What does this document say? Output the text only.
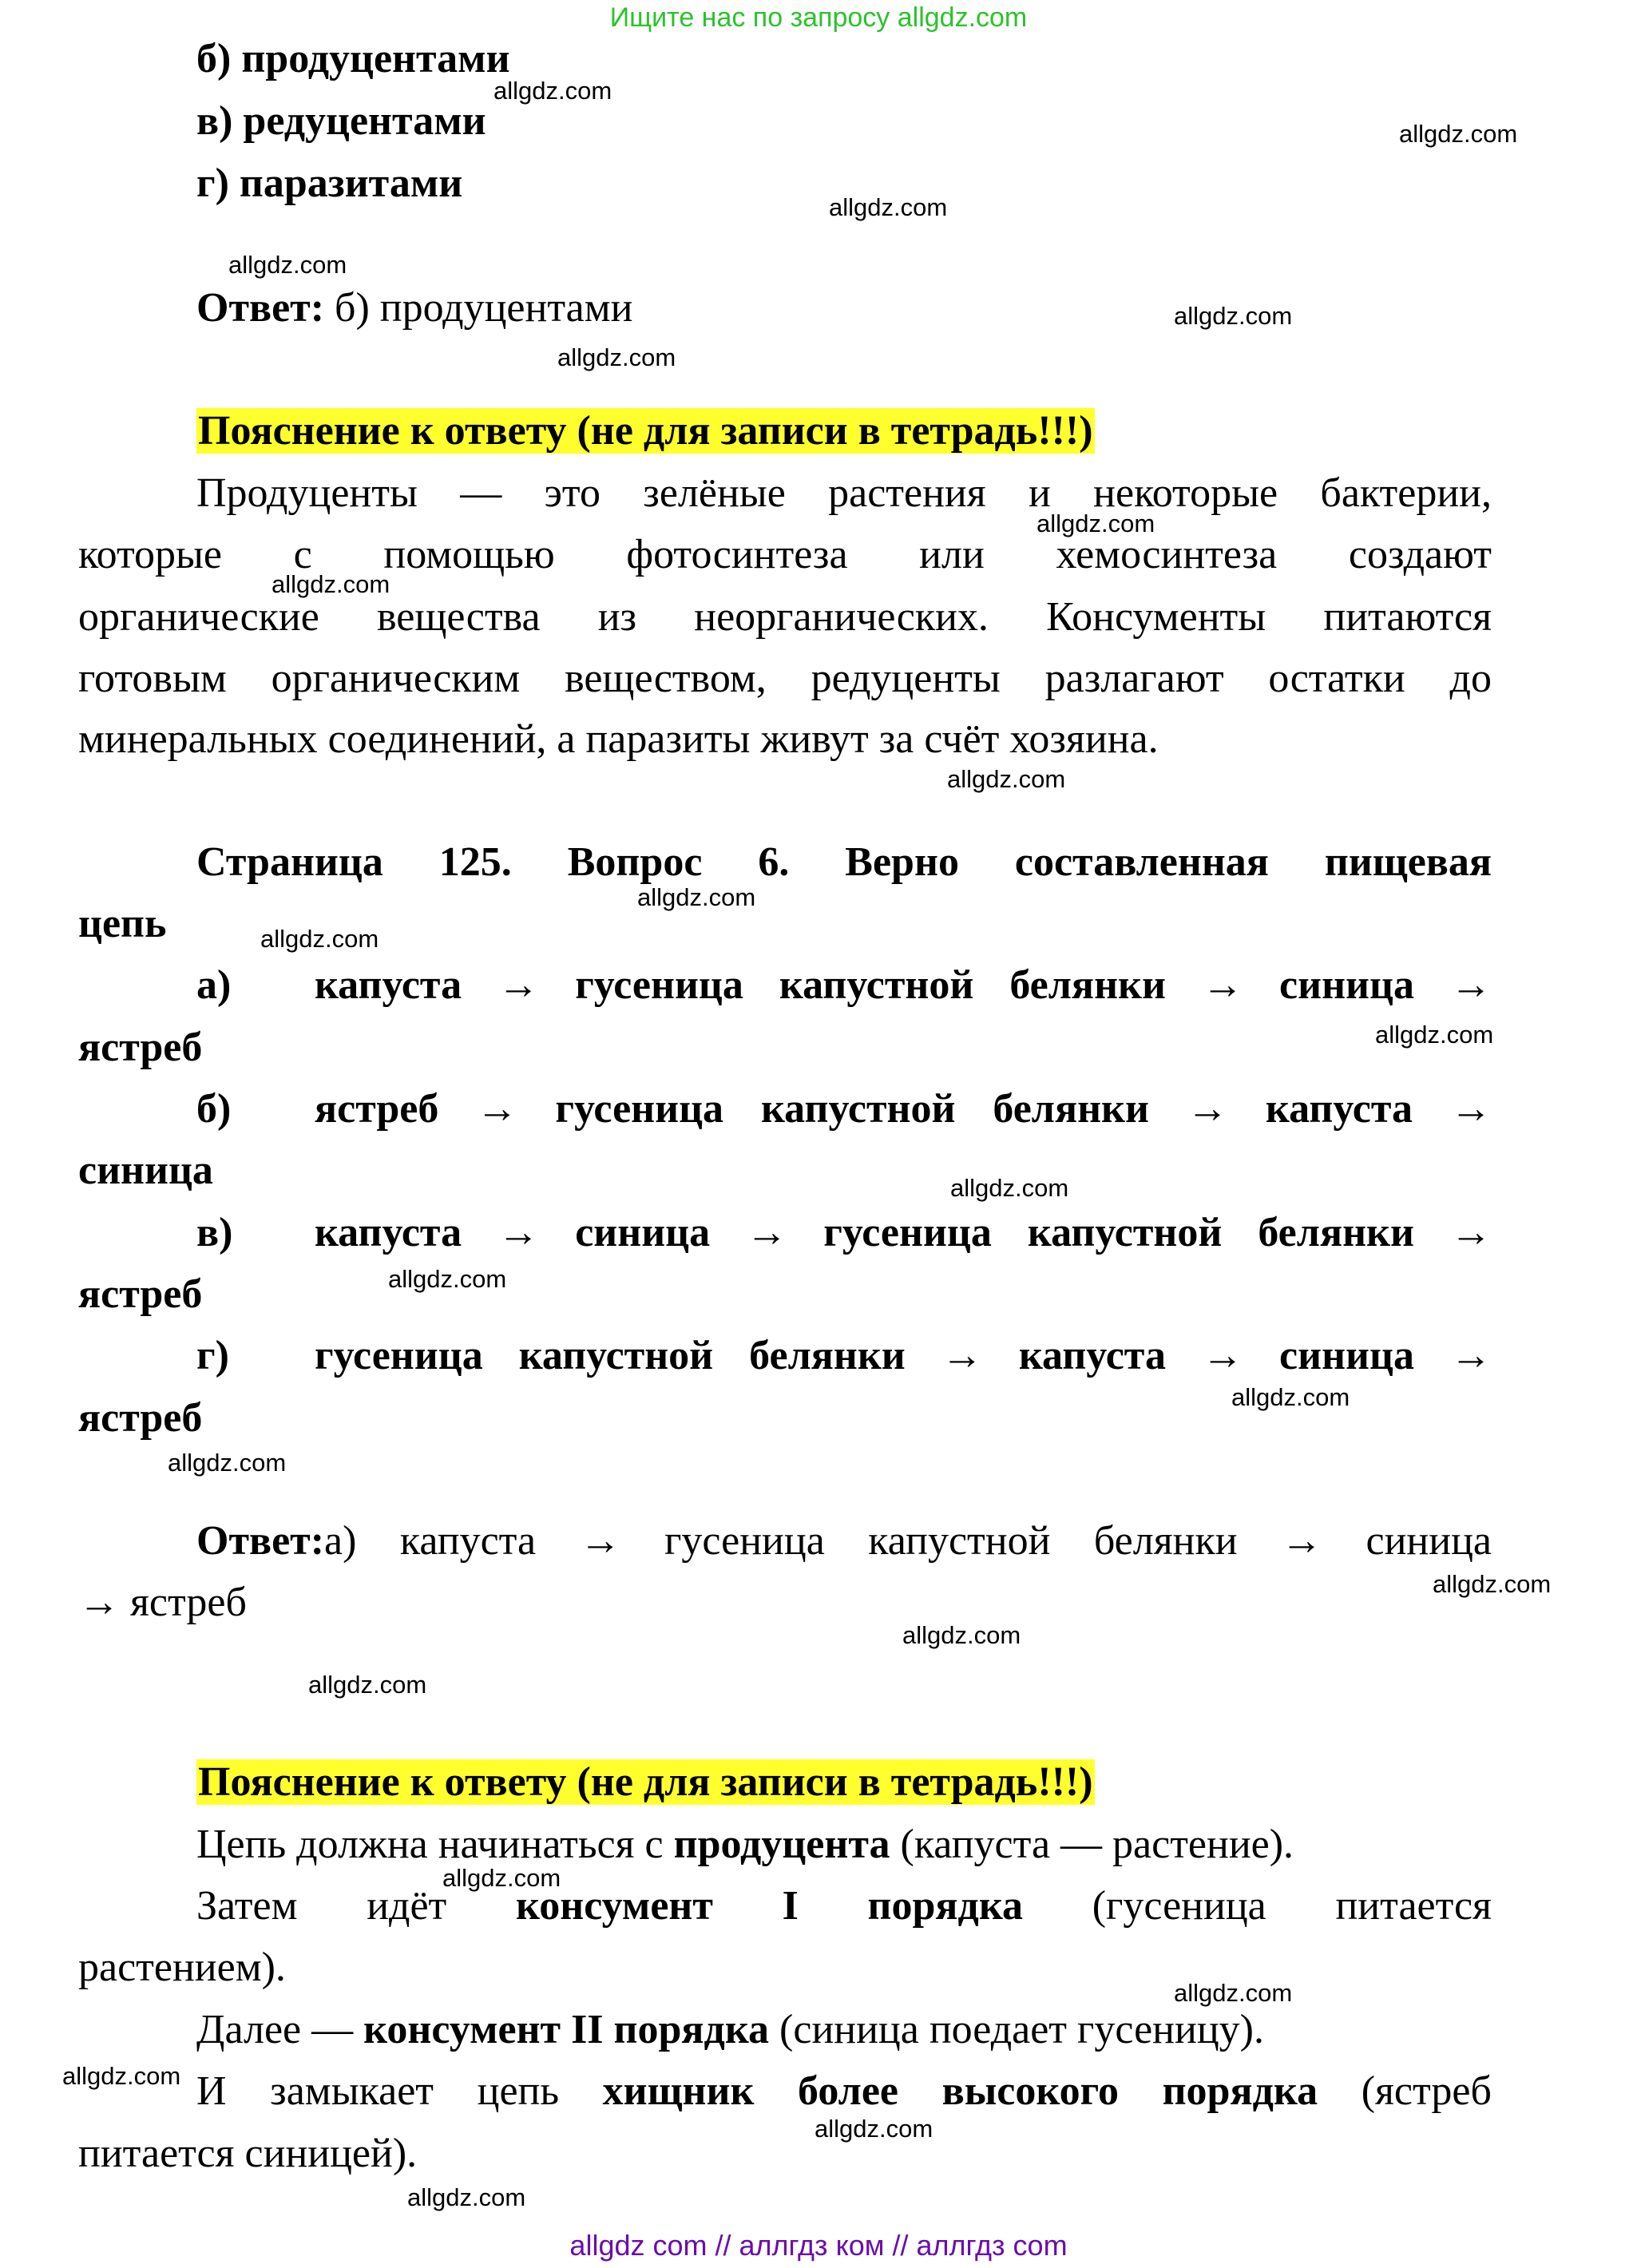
Ищите нас по запросу allgdz.com
б) продуцентами
в) редуцентами
г) паразитами
Ответ: б) продуцентами
Пояснение к ответу (не для записи в тетрадь!!!)
Продуценты — это зелёные растения и некоторые бактерии,
которые с помощью фотосинтеза или хемосинтеза создают
органические вещества из неорганических. Консументы питаются
готовым органическим веществом, редуценты разлагают остатки до
минеральных соединений, а паразиты живут за счёт хозяина.
Страница 125. Вопрос 6. Верно составленная пищевая
цепь
а)	капуста → гусеница капустной белянки → синица →
ястреб
б)	ястреб → гусеница капустной белянки → капуста →
синица
в)	капуста → синица → гусеница капустной белянки →
ястреб
г)	гусеница капустной белянки → капуста → синица →
ястреб
Ответ: а) капуста → гусеница капустной белянки → синица
→ ястреб
Пояснение к ответу (не для записи в тетрадь!!!)
Цепь должна начинаться с продуцента (капуста — растение).
Затем идёт консумент I порядка (гусеница питается
растением).
Далее — консумент II порядка (синица поедает гусеницу).
И замыкает цепь хищник более высокого порядка (ястреб
питается синицей).
allgdz.com
allgdz.com
allgdz.com
allgdz.com
allgdz.com
allgdz.com
allgdz.com
allgdz.com
allgdz.com
allgdz.com
allgdz.com
allgdz.com
allgdz.com
allgdz.com
allgdz.com
allgdz.com
allgdz.com
allgdz.com
allgdz.com
allgdz.com
allgdz.com
allgdz.com
allgdz.com
allgdz.com
allgdz com // аллгдз ком // аллгдз com
